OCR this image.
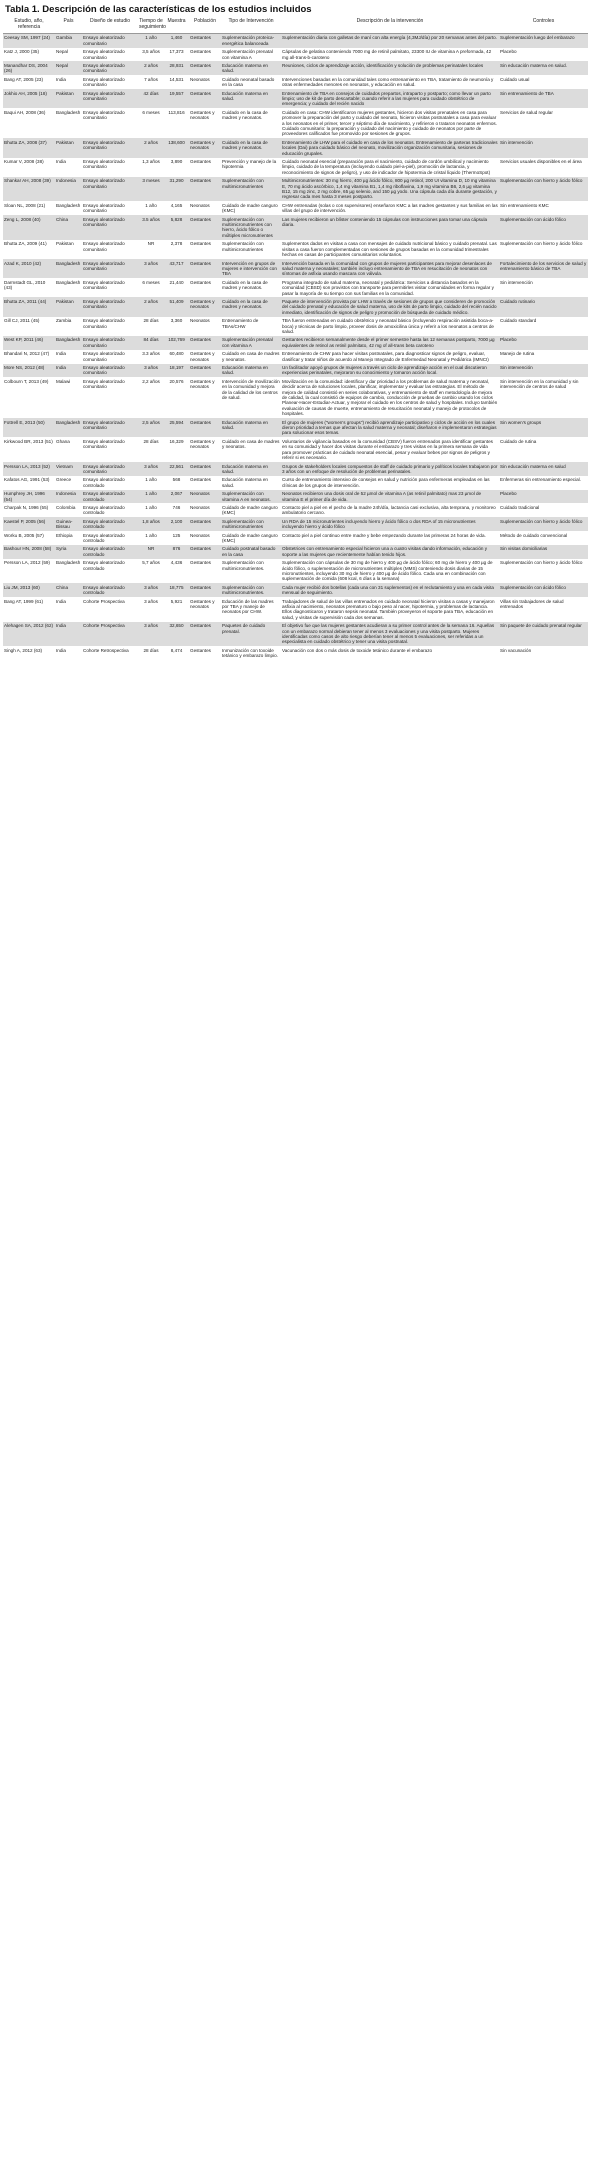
Tabla 1. Descripción de las características de los estudios incluidos
Estudio, año, referencia	País	Diseño de estudio	Tiempo de seguimiento	Muestra	Población	Tipo de Intervención	Descripción de la intervención	Controles
Ceesay SM, 1997 (24)	Gambia	Ensayo aleatorizado comunitario	1 año	1,460	Gestantes	Suplementación proteica-energética balanceada	Suplementación diaria con galletas de maní con alta energía (4,3MJ/día) por 20 semanas antes del parto.	Suplementación luego del embarazo
Katz J, 2000 (35)	Nepal	Ensayo aleatorizado comunitario	3,5 años	17,373	Gestantes	Suplementación prenatal con vitamina A	Cápsulas de gelatina conteniendo 7000 mg de retinil palmitato, 23300 IU de vitamina A preformada, 42 mg all-trans-b-caroteno	Placebo
Manandhar DS, 2004 (26)	Nepal	Ensayo aleatorizado comunitario	2 años	28,931	Gestantes	Educación materna en salud.	Reuniones, ciclos de aprendizaje acción, identificación y solución de problemas perinatales locales	Sin educación materna en salud.
Bang AT, 2005 (23)	India	Ensayo aleatorizado comunitario	7 años	14,531	Neonatos	Cuidado neonatal basado en la casa	Intervenciones basadas en la comunidad tales como entrenamiento en TBA, tratamiento de neumonía y otras enfermedades menores en neonatos, y educación en salud.	Cuidado usual
Jokhio AH, 2005 (18)	Pakistan	Ensayo aleatorizado comunitario	42 días	19,557	Gestantes	Educación materna en salud.	Entrenamiento de TBA en consejos de cuidados prepartos, intraparto y postparto; como llevar un parto limpio; uso de kit de parto descartable; cuando referir a las mujeres para cuidado obstétrico de emergencia; y cuidado del recién nacido	Sin entrenamiento de TBA
Baqui AH, 2008 (36)	Bangladesh	Ensayo aleatorizado comunitario	6 meses	113,816	Gestantes y neonatos	Cuidado en la casa de madres y neonatos.	Cuidado en casa: CHW identificaron mujeres gestantes, hicieron dos visitas prenatales en casa para promover la preparación del parto y cuidado del neonato, hicieron visitas postnatales a casa para evaluar a los neonatos en el primer, tercer y séptimo día de nacimiento, y refirieron o trataron neonatos enfermos. Cuidado comunitario: la preparación y cuidado del nacimiento y cuidado de neonatos por parte de proveedores calificados fue promovido por sesiones de grupos.	Servicios de salud regular
Bhutta ZA, 2008 (37)	Pakistan	Ensayo aleatorizado comunitario	2 años	138,600	Gestantes y neonatos	Cuidado en la casa de madres y neonatos.	Entrenamiento de LHW para el cuidado en casa de los neonatos. Entrenamiento de parteras tradicionales locales (Dai) para cuidado básico del neonato, movilización organización comunitaria, sesiones de educación grupales.	Sin intervención
Kumar V, 2008 (38)	India	Ensayo aleatorizado comunitario	1,3 años	3,890	Gestantes	Prevención y manejo de la hipotermia	Cuidado neonatal esencial (preparación para el nacimiento, cuidado de cordón umbilical y nacimiento limpio, cuidado de la temperatura (incluyendo cuidado piel-a-piel), promoción de lactancia, y reconocimiento de signos de peligro), y uso de indicador de hipotermia de cristal líquido (ThermoSpot)	Servicios usuales disponibles en el área
Shankar AH, 2008 (39)	Indonesia	Ensayo aleatorizado comunitario	3 meses	31,290	Gestantes	Suplementación con multimicronutrientes	Multimicronutrientes: 30 mg hierro, 400 µg ácido fólico, 800 µg retinol, 200 UI vitamina D, 10 mg vitamina E, 70 mg ácido ascórbico, 1,4 mg vitamina B1, 1,4 mg riboflavina, 1,9 mg vitamina B6, 2,6 µg vitamina B12, 15 mg zinc, 2 mg cobre, 65 µg selenio, and 150 µg yodo. Una cápsula cada día durante gestación, y regresar cada mes hasta 3 meses postparto.	Suplementación con hierro y ácido fólico
Sloan NL, 2008 (21)	Bangladesh	Ensayo aleatorizado comunitario	1 año	4,165	Neonatos	Cuidado de madre canguro (KMC)	CHW entrenadas (solas o con supervisores) enseñaron KMC a las madres gestantes y sus familias en las villas del grupo de intervención.	Sin entrenamiento KMC
Zeng L, 2008 (40)	China	Ensayo aleatorizado comunitario	3.5 años	5,828	Gestantes	Suplementación con multimicronutrientes con hierro, ácido fólico o múltiples micronutrientes	Las mujeres recibieron un blíster conteniendo 15 cápsulas con instrucciones para tomar una cápsula diaria.	Suplementación con ácido fólico
Bhutta ZA, 2009 (41)	Pakistan	Ensayo aleatorizado comunitario	NR	2,378	Gestantes	Suplementación con multimicronutrientes	Suplementos dados en visitas a casa con mensajes de cuidado nutricional básico y cuidado prenatal. Las visitas a casa fueron complementadas con sesiones de grupos basadas en la comunidad trimestrales hechas en casas de participantes comunitarios voluntarios.	Suplementación con hierro y ácido fólico
Azad K, 2010 (42)	Bangladesh	Ensayo aleatorizado comunitario	3 años	43,717	Gestantes	Intervención en grupos de mujeres e intervención con TBA	Intervención basada en la comunidad con grupos de mujeres participantes para mejorar desenlaces de salud materna y neonatales; también incluyo entrenamiento de TBA en resucitación de neonatos con síntomas de asfixia usando mascara con válvula.	Fortalecimiento de los servicios de salud y entrenamiento básico de TBA
Darmstadt GL, 2010 (43)	Bangladesh	Ensayo aleatorizado comunitario	6 meses	21,440	Gestantes	Cuidado en la casa de madres y neonatos.	Programa integrado de salud materna, neonatal y pediátrica: Servicios a distancia basados en la comunidad (CBSD) son provistos con transporte para permitirles visitar comunidades en forma regular y pasar la mayoría de su tiempo con sus familias en la comunidad.	Sin intervención
Bhutta ZA, 2011 (44)	Pakistan	Ensayo aleatorizado comunitario	2 años	51,409	Gestantes y neonatos	Cuidado en la casa de madres y neonatos.	Paquete de intervención provista por LHW a través de sesiones de grupos que consideren de promoción del cuidado prenatal y educación de salud materna, uso de kits de parto limpio, cuidado del recién nacido inmediato, identificación de signos de peligro y promoción de búsqueda de cuidado médico.	Cuidado rutinario
Gill CJ, 2011 (45)	Zambia	Ensayo aleatorizado comunitario	28 días	3,360	Neonatos	Entrenamiento de TBAs/CHW	TBA fueron entrenadas en cuidado obstétrico y neonatal básico (incluyendo respiración asistida boca-a-boca) y técnicas de parto limpio, proveer dosis de amoxicilina única y referir a los neonatos a centros de salud.	Cuidado standard
West KP, 2011 (46)	Bangladesh	Ensayo aleatorizado comunitario	84 días	102,769	Gestantes	Suplementación prenatal con vitamina A	Gestantes recibieron semanalmente desde el primer semestre hasta las 12 semanas postparto, 7000 µg equivalentes de retinol as retinil palmitato, 42 mg of all-trans beta caroteno	Placebo
Bhandari N, 2012 (47)	India	Ensayo aleatorizado comunitario	3.3 años	60,480	Gestantes y neonatos	Cuidado en casa de madres y neonatos.	Entrenamiento de CHW para hacer visitas postnatales, para diagnosticar signos de peligro, evaluar, clasificar y tratar niños de acuerdo al Manejo Integrado de Enfermedad Neonatal y Pediátrica (IMNCI)	Manejo de rutina
More NS, 2012 (48)	India	Ensayo aleatorizado comunitario	3 años	18,197	Gestantes	Educación materna en salud.	Un facilitador apoyó grupos de mujeres a través un ciclo de aprendizaje acción en el cual discutieron experiencias perinatales, mejoraron su conocimiento y tomaron acción local.	Sin intervención
Colbourn T, 2013 (49)	Malawi	Ensayo aleatorizado comunitario	2,2 años	20,576	Gestantes y neonatos	Intervención de movilización en la comunidad y mejora de la calidad de los centros de salud.	Movilización en la comunidad: identificar y dar prioridad a los problemas de salud materna y neonatal, decidir acerca de soluciones locales, planificar, implementar y evaluar las estrategias. El método de mejora de calidad consistió en series colaborativas, y entrenamiento de staff en metodología de mejora de calidad, la cual consistió de equipos de cambio, conducción de pruebas de cambio usando los ciclos Planear-Hacer-Estudiar-Actuar, y mejorar el cuidado en los centros de salud y hospitales. Incluyo también evaluación de causas de muerte, entrenamiento de resucitación neonatal y manejo de protocolos de hospitales.	Sin intervención en la comunidad y sin intervención de centros de salud
Fottrell E, 2013 (50)	Bangladesh	Ensayo aleatorizado comunitario	2,5 años	25,594	Gestantes	Educación materna en salud.	El grupo de mujeres ("women's groups") recibió aprendizaje participativo y ciclos de acción en los cuales dieron prioridad a temas que afectan la salud materna y neonatal; diseñaron e implementaron estrategias para solucionar esos temas.	Sin women's groups
Kirkwood BR, 2013 (51)	Ghana	Ensayo aleatorizado comunitario	28 días	16,329	Gestantes y neonatos	Cuidado en casa de madres y neonatos.	Voluntarios de vigilancia basados en la comunidad (CBSV) fueron entrenados para identificar gestantes en su comunidad y hacer dos visitas durante el embarazo y tres visitas en la primera semana de vida para promover prácticas de cuidado neonatal esencial, pesar y evaluar bebes por signos de peligros y referir si es necesario.	Cuidado de rutina
Persson LA, 2013 (52)	Vietnam	Ensayo aleatorizado comunitario	3 años	22,561	Gestantes	Educación materna en salud.	Grupos de stakeholders locales compuestos de staff de cuidado primario y políticos locales trabajaron por 3 años con un enfoque de resolución de problemas perinatales.	Sin educación materna en salud
Kafatos AG, 1991 (53)	Greece	Ensayo aleatorizado controlado	1 año	568	Gestantes	Educación materna en salud.	Curso de entrenamiento intensivo de consejos en salud y nutrición para enfermeras empleadas en las clínicas de los grupos de intervención.	Enfermeras sin entrenamiento especial.
Humphrey JH, 1996 (54)	Indonesia	Ensayo aleatorizado controlado	1 año	2,067	Neonatos	Suplementación con vitamina A en neonatos.	Neonatos recibieron una dosis oral de 52 µmol de vitamina A (as retinil palmitato) mas 23 µmol de vitamina E el primer día de vida.	Placebo
Charpak N, 1996 (55)	Colombia	Ensayo aleatorizado controlado	1 año	746	Neonatos	Cuidado de madre canguro (KMC)	Contacto piel a piel en el pecho de la madre 24h/día, lactancia casi exclusiva, alta temprana, y monitoreo ambulatorio cercano.	Cuidado tradicional
Kaestel P, 2005 (56)	Guinea-Bissau	Ensayo aleatorizado controlado	1,8 años	2,100	Gestantes	Suplementación con multimicronutrientes	Un RDA de 15 micronutrientes incluyendo hierro y ácido fólico o dos RDA of 15 micronutrientes incluyendo hierro y ácido fólico	Suplementación con hierro y ácido fólico
Worku B, 2005 (57)	Ethiopia	Ensayo aleatorizado controlado	1 año	125	Neonatos	Cuidado de madre canguro (KMC)	Contacto piel a piel continuo entre madre y bebe empezando durante las primeras 24 horas de vida.	Método de cuidado convencional
Bashour HN, 2008 (58)	Syria	Ensayo aleatorizado controlado	NR	876	Gestantes	Cuidado postnatal basado en la casa	Obstetrices con entrenamiento especial hicieron una a cuatro visitas dando información, educación y soporte a las mujeres que recientemente habían tenido hijos.	Sin visitas domiciliarias
Persson LA, 2012 (59)	Bangladesh	Ensayo aleatorizado controlado	5,7 años	4,436	Gestantes	Suplementación con multimicronutrientes.	Suplementación con cápsulas de 30 mg de hierro y 400 µg de ácido fólico; 60 mg de hierro y 400 µg de ácido fólico, o suplementación de micronutrientes múltiples (MMS) conteniendo dosis diarias de 15 micronutrientes, incluyendo 30 mg de hierro y 400 µg de ácido fólico. Cada una en combinación con suplementación de comida (608 kcal, 6 días a la semana)	Suplementación con hierro y ácido fólico
Liu JM, 2013 (60)	China	Ensayo aleatorizado controlado	3 años	18,775	Gestantes	Suplementación con multimicronutrientes.	Cada mujer recibió dos botellas (cada una con 31 suplementos) en el reclutamiento y una en cada visita mensual de seguimiento.	Suplementación con ácido fólico
Bang AT, 1999 (61)	India	Cohorte Prospectiva	3 años	5,921	Gestantes y neonatos	Educación de las madres por TBA y manejo de neonatos por CHW.	Trabajadores de salud de las villas entrenados en cuidado neonatal hicieron visitas a casas y manejaron asfixia al nacimiento, neonatos prematuro o bajo peso al nacer, hipotermia, y problemas de lactancia. Ellos diagnosticaron y trataron sepsis neonatal. También proveyeron el soporte para TBA, educación en salud, y visitas de supervisión cada dos semanas.	Villas sin trabajadores de salud entrenados
Alehagen SA, 2012 (62)	India	Cohorte Prospectiva	3 años	32,650	Gestantes	Paquetes de cuidado prenatal.	El objetivo fue que las mujeres gestantes acudieran a su primer control antes de la semana 16. Aquellas con un embarazo normal debieran tener al menos 3 evaluaciones y una visita postparto. Mujeres identificadas como casos de alto riesgo deberían tener al menos 5 evaluaciones, ser referidas a un especialista en cuidado obstétrico y tener una visita postnatal.	Sin paquete de cuidado prenatal regular
Singh A, 2012 (63)	India	Cohorte Retrospectiva	28 días	8,474	Gestantes	Inmunización con toxoide tetánico y embarazo limpio.	Vacunación con dos o más dosis de toxoide tetánico durante el embarazo	Sin vacunación
